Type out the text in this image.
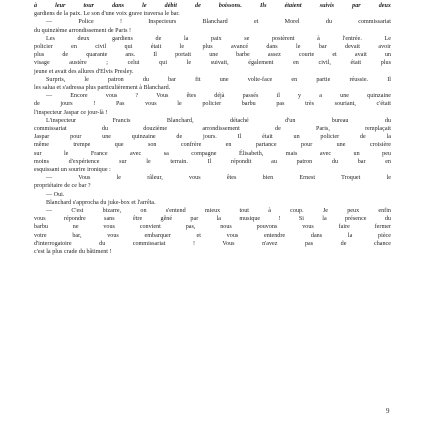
à leur tour dans le débit de boissons. Ils étaient suivis par deux
gardiens de la paix. Le son d'une voix grave traversa le bar.
— Police ! Inspecteurs Blanchard et Morel du commissariat
du quinzième arrondissement de Paris !
Les deux gardiens de la paix se postèrent à l'entrée. Le
policier en civil qui était le plus avancé dans le bar devait avoir
plus de quarante ans. Il portait une barbe assez courte et avait un
visage austère ; celui qui le suivait, également en civil, était plus
jeune et avait des allures d'Elvis Presley.
Surpris, le patron du bar fit une volte-face en partie réussie. Il
les salua et s'adressa plus particulièrement à Blanchard.
— Encore vous ? Vous êtes déjà passés il y a une quinzaine
de jours ! Pas vous le policier barbu pas très souriant, c'était
l'inspecteur Jaspar ce jour-là !
L'inspecteur Francis Blanchard, détaché d'un bureau du
commissariat du douzième arrondissement de Paris, remplaçait
Jaspar pour une quinzaine de jours. Il était un policier de la
même trempe que son confrère en partance pour une croisière
sur le France avec sa compagne Élisabeth, mais avec un peu
moins d'expérience sur le terrain. Il répondit au patron du bar en
esquissant un sourire ironique :
— Vous le râleur, vous êtes bien Ernest Troquet le
propriétaire de ce bar ?
— Oui.
Blanchard s'approcha du juke-box et l'arrêta.
— C'est bizarre, on s'entend mieux tout à coup. Je peux enfin
vous répondre sans être gêné par la musique ! Si la présence du
barbu ne vous convient pas, nous pouvons vous faire fermer
votre bar, vous embarquer et vous entendre dans la pièce
d'interrogatoire du commissariat ! Vous n'avez pas de chance
c'est la plus crade du bâtiment !
9
